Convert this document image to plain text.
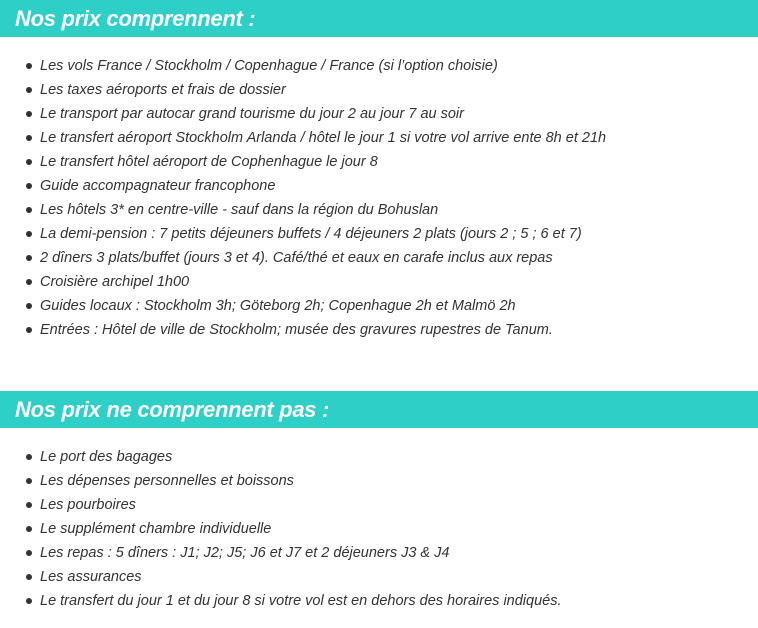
Nos prix comprennent :
Les vols France / Stockholm / Copenhague / France (si l’option choisie)
Les taxes aéroports et frais de dossier
Le transport par autocar grand tourisme du jour 2 au jour 7 au soir
Le transfert aéroport Stockholm Arlanda / hôtel le jour 1 si votre vol arrive ente 8h et 21h
Le transfert hôtel aéroport de Cophenhague le jour 8
Guide accompagnateur francophone
Les hôtels 3* en centre-ville - sauf dans la région du Bohuslan
La demi-pension : 7 petits déjeuners buffets / 4 déjeuners 2 plats (jours 2 ; 5 ; 6 et 7)
2 dîners 3 plats/buffet (jours 3 et 4). Café/thé et eaux en carafe inclus aux repas
Croisière archipel 1h00
Guides locaux : Stockholm 3h; Göteborg 2h; Copenhague 2h et Malmö 2h
Entrées : Hôtel de ville de Stockholm; musée des gravures rupestres de Tanum.
Nos prix ne comprennent pas :
Le port des bagages
Les dépenses personnelles et boissons
Les pourboires
Le supplément chambre individuelle
Les repas : 5 dîners : J1; J2; J5; J6 et J7 et 2 déjeuners J3 & J4
Les assurances
Le transfert du jour 1 et du jour 8 si votre vol est en dehors des horaires indiqués.
